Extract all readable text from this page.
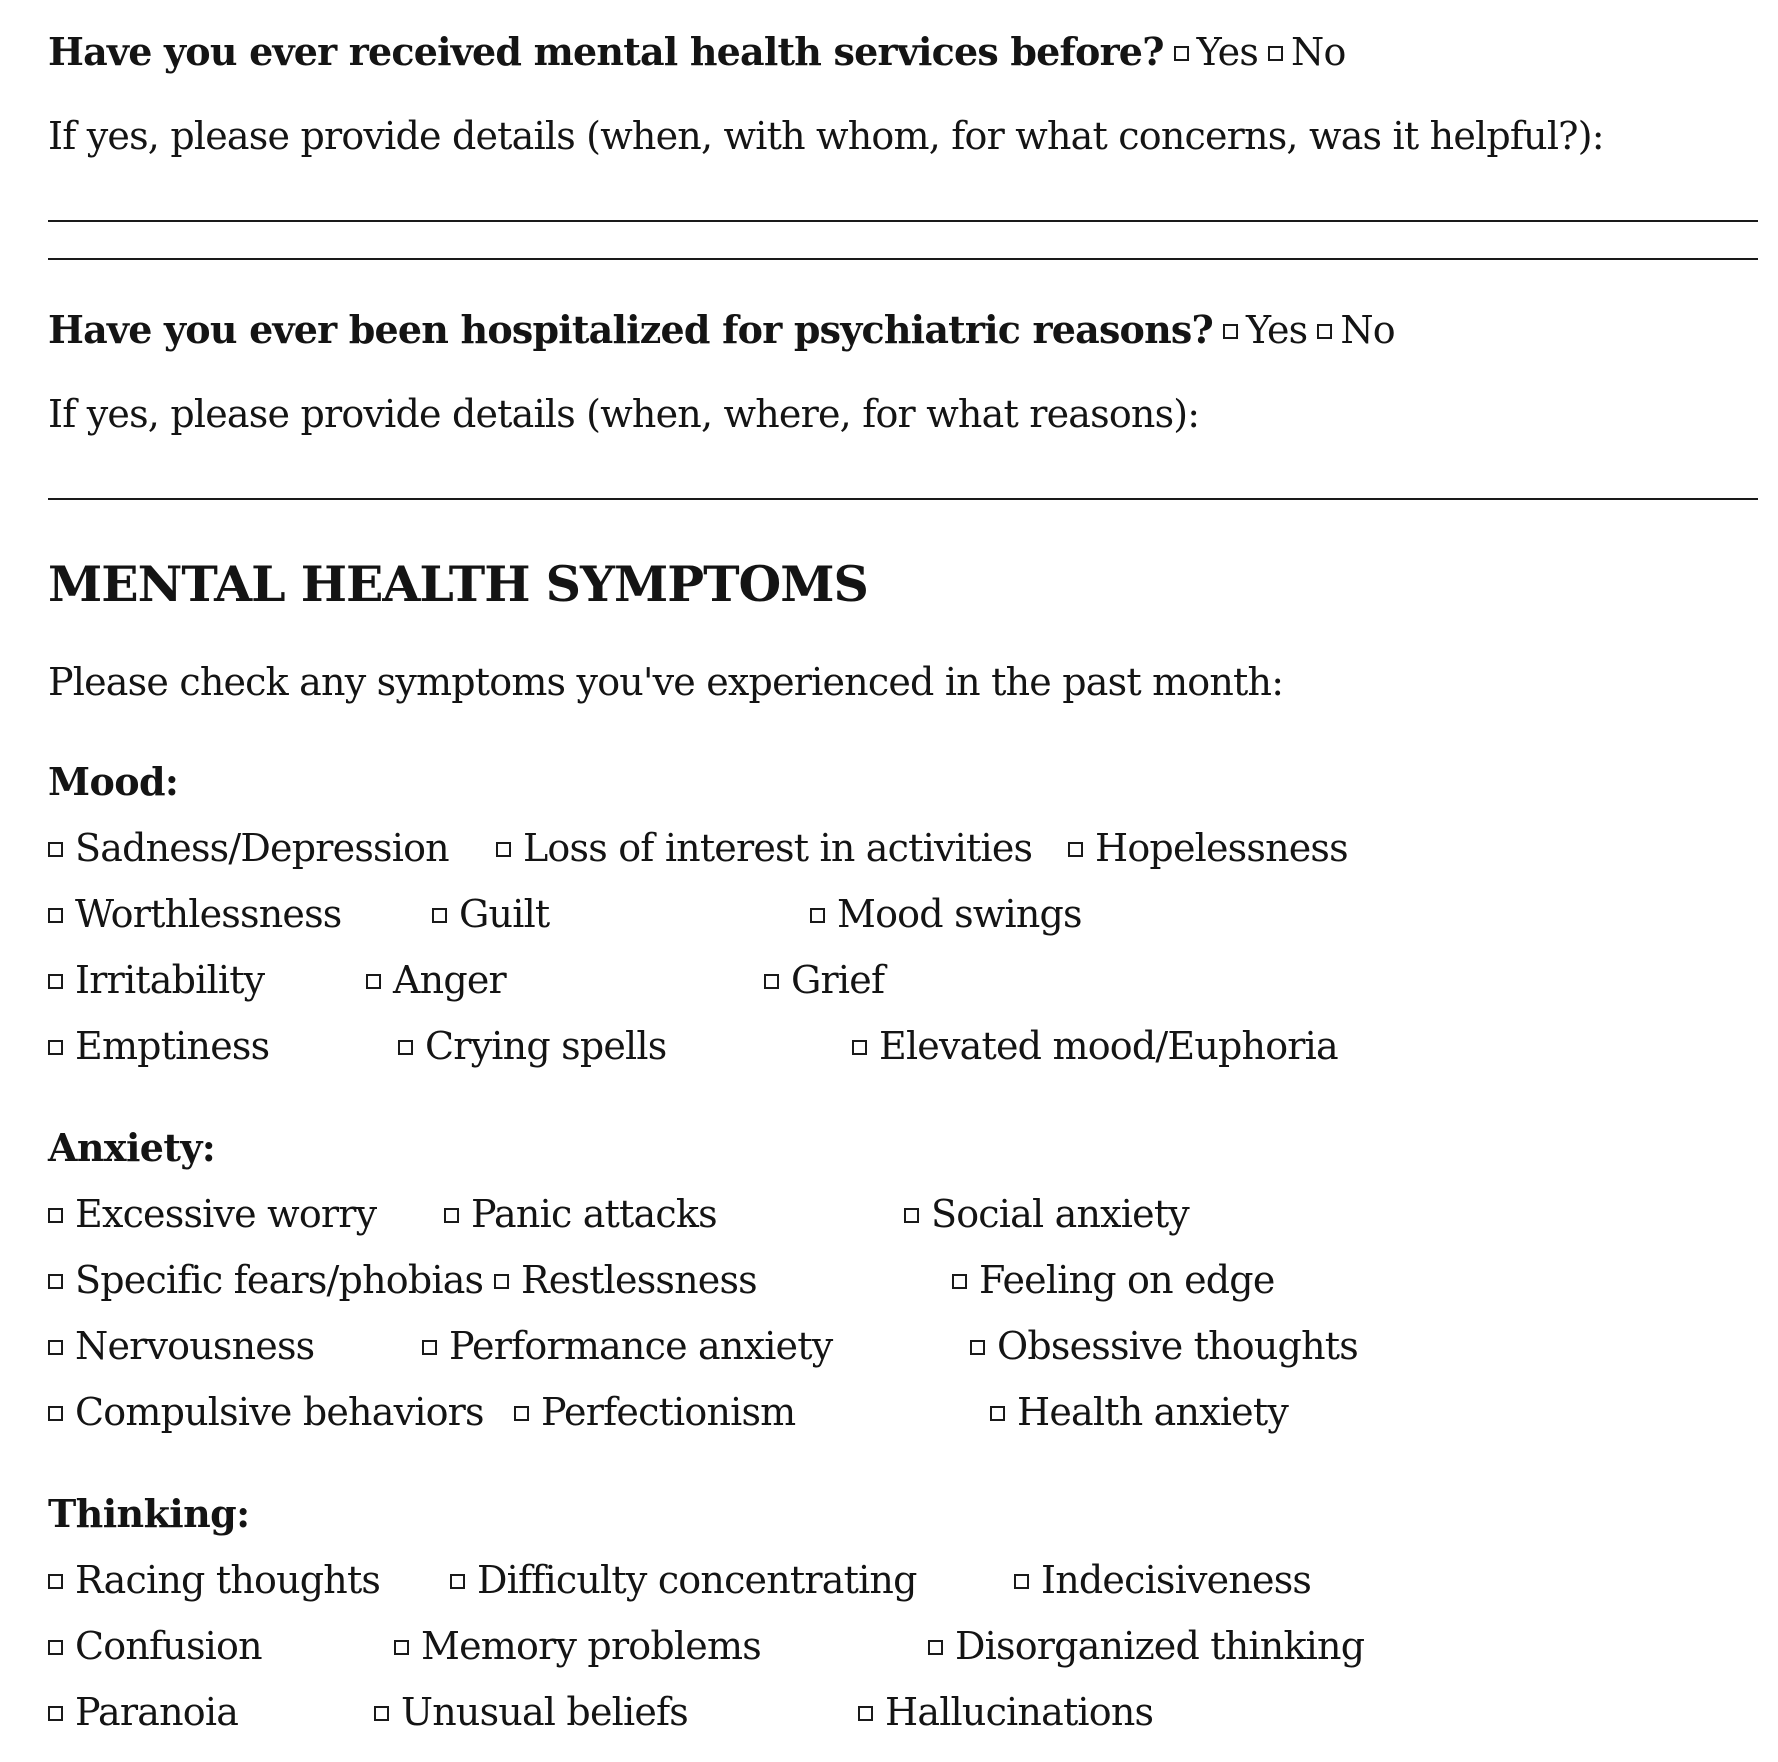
Have you ever received mental health services before? Yes No
If yes, please provide details (when, with whom, for what concerns, was it helpful?):
Have you ever been hospitalized for psychiatric reasons? Yes No
If yes, please provide details (when, where, for what reasons):
MENTAL HEALTH SYMPTOMS
Please check any symptoms you've experienced in the past month:
Mood:
Sadness/Depression	Loss of interest in activities	Hopelessness
Worthlessness	Guilt	Mood swings
Irritability	Anger	Grief
Emptiness	Crying spells	Elevated mood/Euphoria
Anxiety:
Excessive worry	Panic attacks	Social anxiety
Specific fears/phobias Restlessness	Feeling on edge
Nervousness	Performance anxiety	Obsessive thoughts
Compulsive behaviors	Perfectionism	Health anxiety
Thinking:
Racing thoughts	Difficulty concentrating	Indecisiveness
Confusion	Memory problems	Disorganized thinking
Paranoia	Unusual beliefs	Hallucinations
